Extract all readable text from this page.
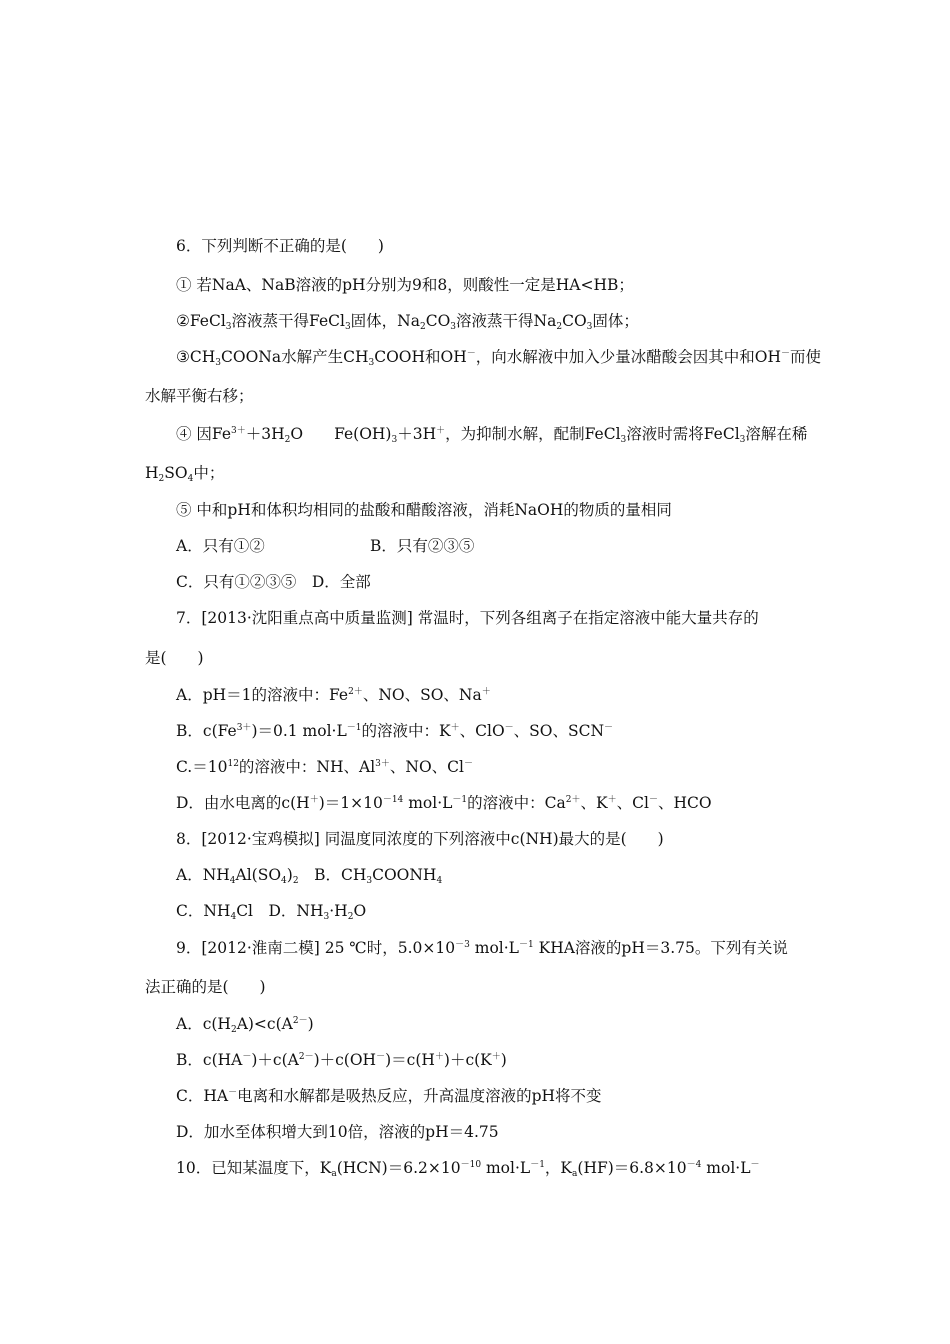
6．下列判断不正确的是(　　)
① 若NaA、NaB溶液的pH分别为9和8，则酸性一定是HA<HB；
②FeCl$_3$溶液蒸干得FeCl$_3$固体，$Na_2CO_3$溶液蒸干得$Na_2CO_3$固体；
$③CH_3COONa$水解产生$CH_3COOH$和OH－，向水解液中加入少量冰醋酸会因其中和OH－而使
水解平衡右移；
④ 因$Fe^{3+}+3H_2O$　　$Fe(OH)_3+3H^+$，为抑制水解，配制FeCl$_3$溶液时需将FeCl$_3$溶解在稀
$H_2SO_4$中；
⑤ 中和pH和体积均相同的盐酸和醋酸溶液，消耗NaOH的物质的量相同
A．只有①②	B．只有②③⑤
C．只有①②③⑤　D．全部
7．[2013·沈阳重点高中质量监测] 常温时，下列各组离子在指定溶液中能大量共存的
是(　　)
A．pH＝1的溶液中：$Fe^{2+}$、NO、SO、Na＋
B．$c(Fe^{3+})=0.1$ $mol\cdot L^{-1}$的溶液中：K＋、ClO－、SO、SCN－
$C.=10^{12}$的溶液中：NH、$Al^{3+}$、NO、Cl－
D．由水电离的$c(H^+)=1\times 10^{-14}$ $mol\cdot L^{-1}$的溶液中：$Ca^{2+}$、K＋、Cl－、HCO
8．[2012·宝鸡模拟] 同温度同浓度的下列溶液中c(NH)最大的是(　　)
A．$NH_4Al(SO_4)_2$　B．$CH_3COONH_4$
C．$NH_4Cl$　D．$NH_3\cdot H_2O$
9．[2012·淮南二模] 25 ℃时，$5.0\times 10^{-3}$ $mol\cdot L^{-1}$ KHA溶液的pH＝3.75。下列有关说
法正确的是(　　)
A．$c(H_2A)<c(A^{2-})$
B．$c(HA^-)+c(A^{2-})+c(OH^-)=c(H^+)+c(K^+)$
C．HA－电离和水解都是吸热反应，升高温度溶液的pH将不变
D．加水至体积增大到10倍，溶液的pH＝4.75
10．已知某温度下，$K_a(HCN)=6.2\times 10^{-10}$ $mol\cdot L^{-1}$，$K_a(HF)=6.8\times 10^{-4}$ mol·L－
